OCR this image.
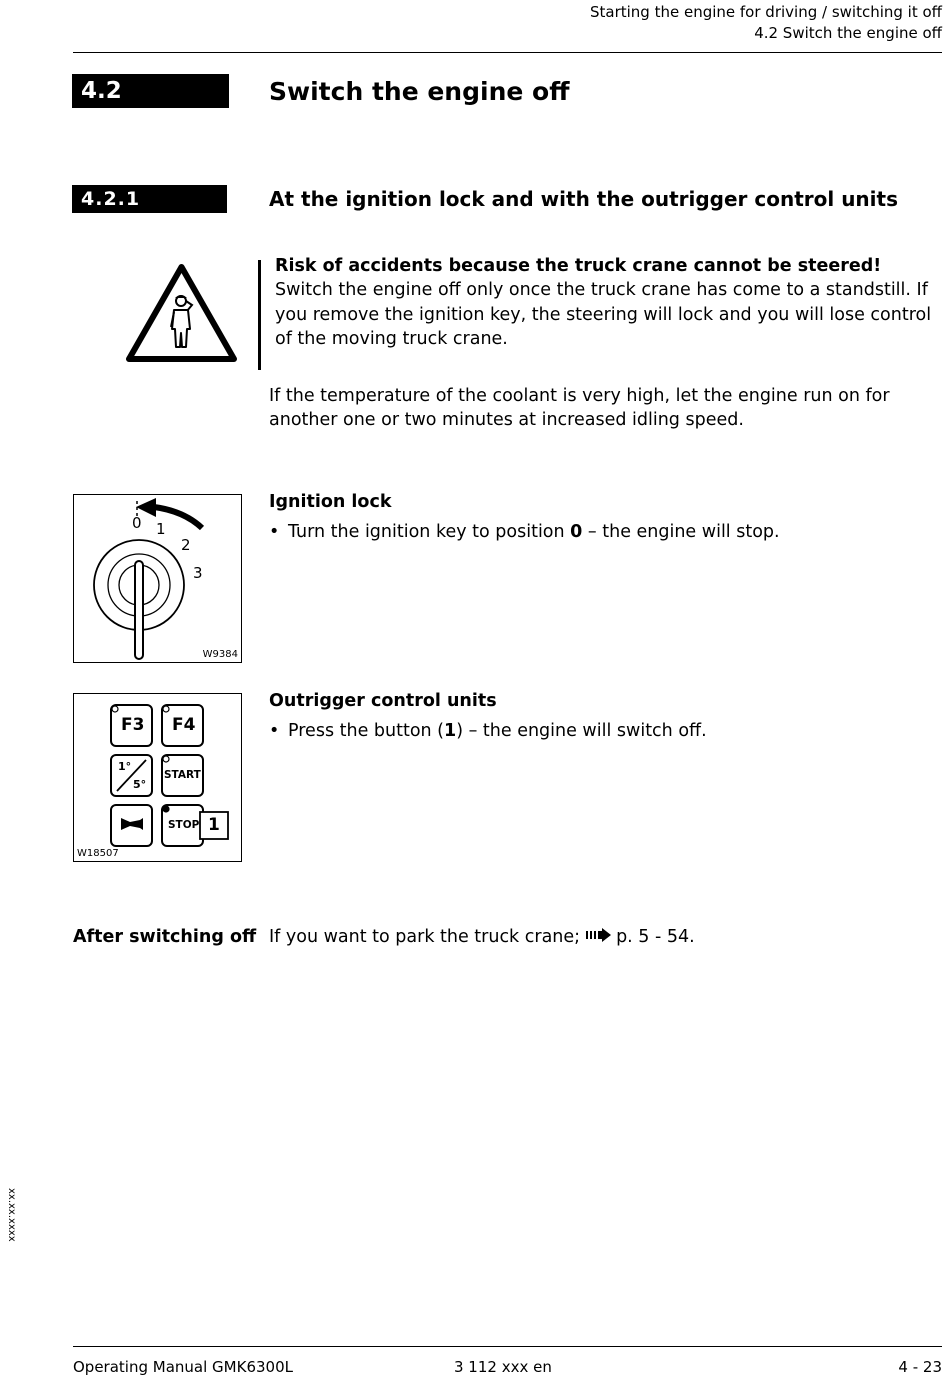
Starting the engine for driving / switching it off
4.2 Switch the engine off
4.2	Switch the engine off
4.2.1	At the ignition lock and with the outrigger control units
Risk of accidents because the truck crane cannot be steered!
Switch the engine off only once the truck crane has come to a standstill. If you remove the ignition key, the steering will lock and you will lose control of the moving truck crane.
If the temperature of the coolant is very high, let the engine run on for another one or two minutes at increased idling speed.
0 1
2
3
W9384
Ignition lock
• Turn the ignition key to position 0 – the engine will stop.
F3 F4
1°
5°
START
STOP 1
W18507
Outrigger control units
• Press the button (1) – the engine will switch off.
After switching off If you want to park the truck crane; p. 5 - 54.
xx.xx.xxxx
Operating Manual GMK6300L	3 112 xxx en	4 - 23
